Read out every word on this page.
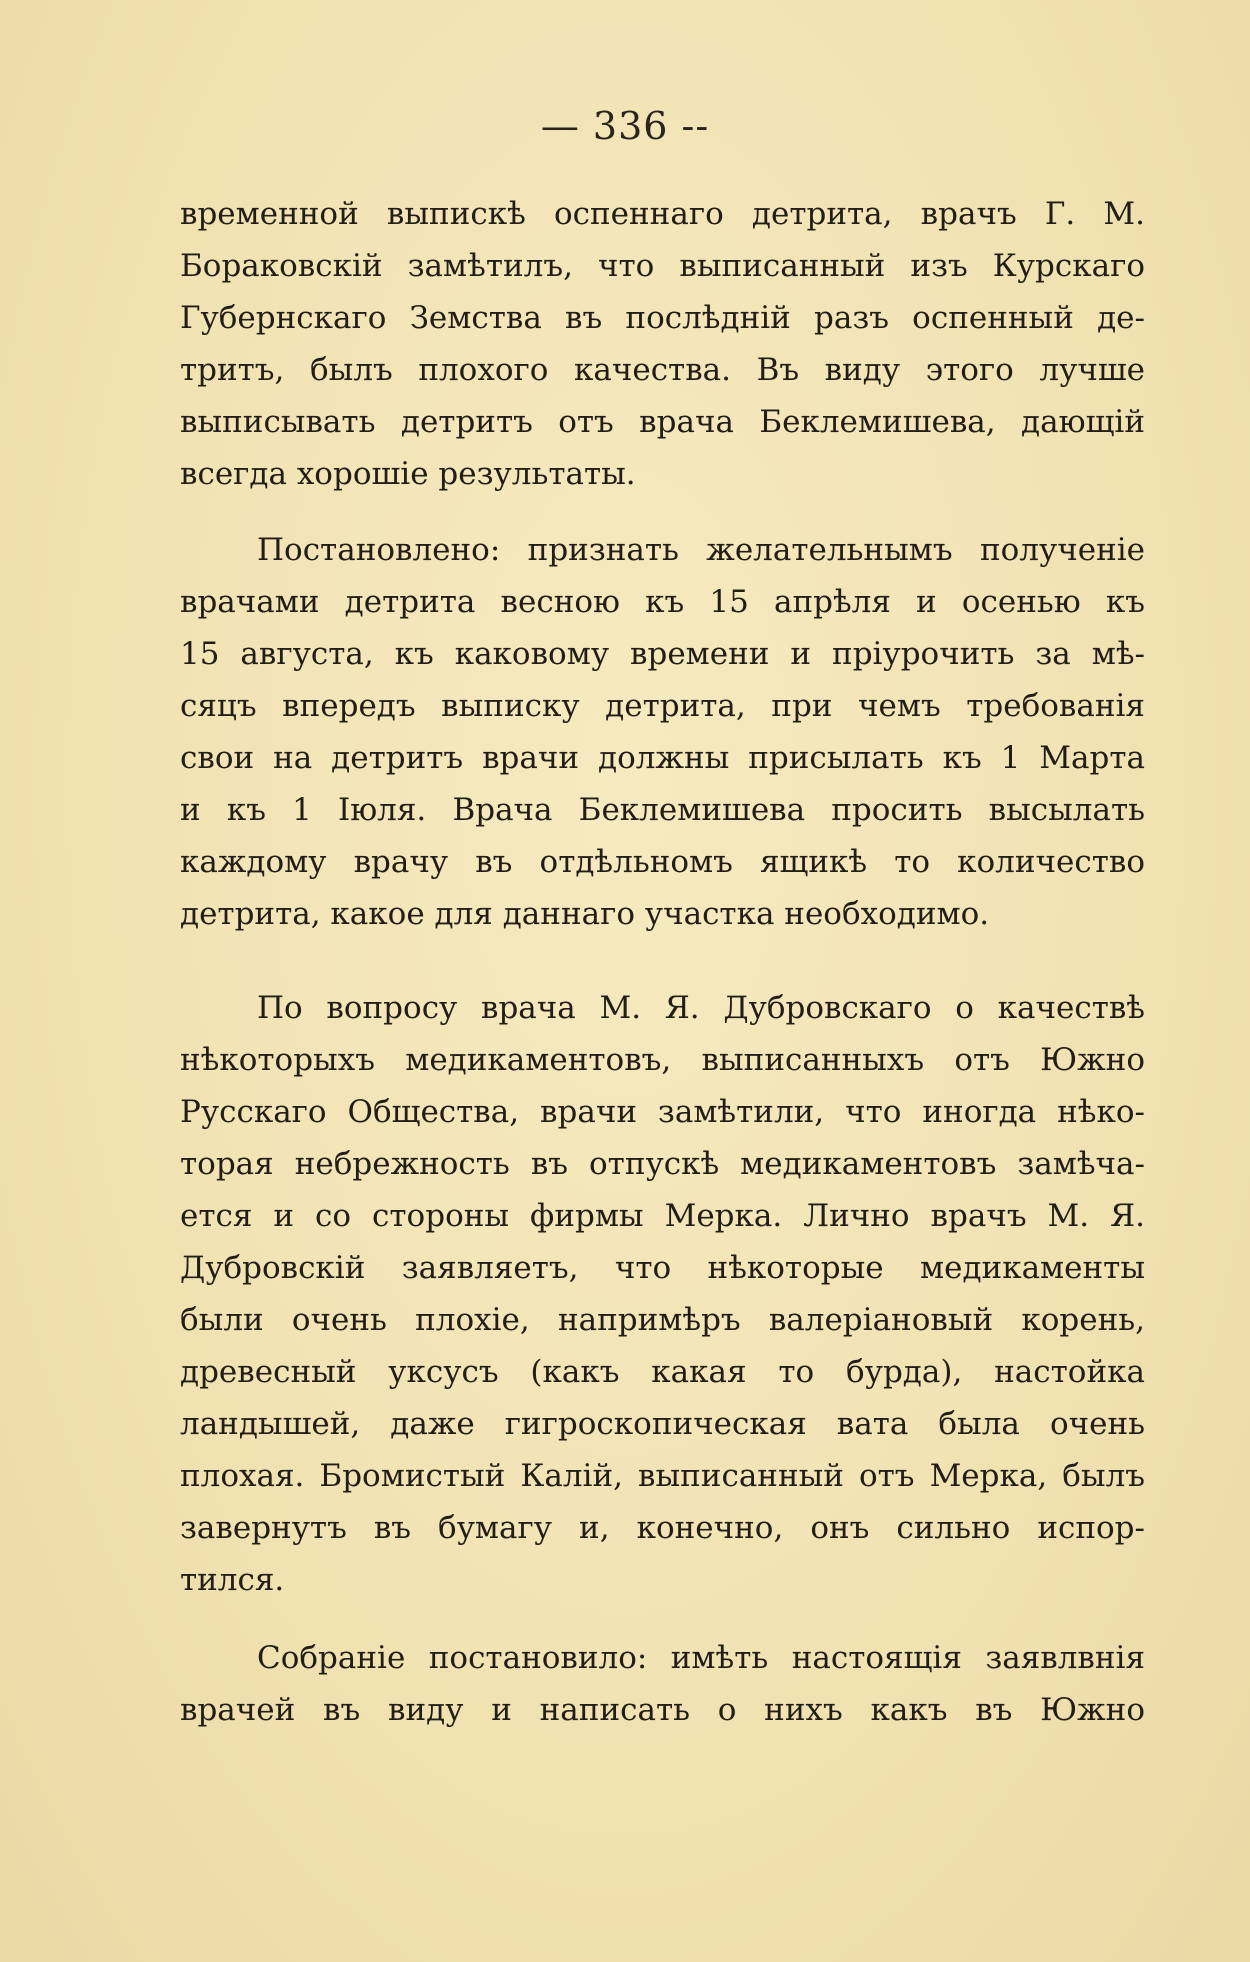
— 336 --
временной выпискѣ оспеннаго детрита, врачъ Г. М.
Бораковскій замѣтилъ, что выписанный изъ Курскаго
Губернскаго Земства въ послѣдній разъ оспенный де-
тритъ, былъ плохого качества. Въ виду этого лучше
выписывать детритъ отъ врача Беклемишева, дающій
всегда хорошіе результаты.
Постановлено: признать желательнымъ полученіе
врачами детрита весною къ 15 апрѣля и осенью къ
15 августа, къ каковому времени и пріурочить за мѣ-
сяцъ впередъ выписку детрита, при чемъ требованія
свои на детритъ врачи должны присылать къ 1 Марта
и къ 1 Іюля. Врача Беклемишева просить высылать
каждому врачу въ отдѣльномъ ящикѣ то количество
детрита, какое для даннаго участка необходимо.
По вопросу врача М. Я. Дубровскаго о качествѣ
нѣкоторыхъ медикаментовъ, выписанныхъ отъ Южно
Русскаго Общества, врачи замѣтили, что иногда нѣко-
торая небрежность въ отпускѣ медикаментовъ замѣча-
ется и со стороны фирмы Мерка. Лично врачъ М. Я.
Дубровскій заявляетъ, что нѣкоторые медикаменты
были очень плохіе, напримѣръ валеріановый корень,
древесный уксусъ (какъ какая то бурда), настойка
ландышей, даже гигроскопическая вата была очень
плохая. Бромистый Калій, выписанный отъ Мерка, былъ
завернутъ въ бумагу и, конечно, онъ сильно испор-
тился.
Собраніе постановило: имѣть настоящія заявлвнія
врачей въ виду и написать о нихъ какъ въ Южно
